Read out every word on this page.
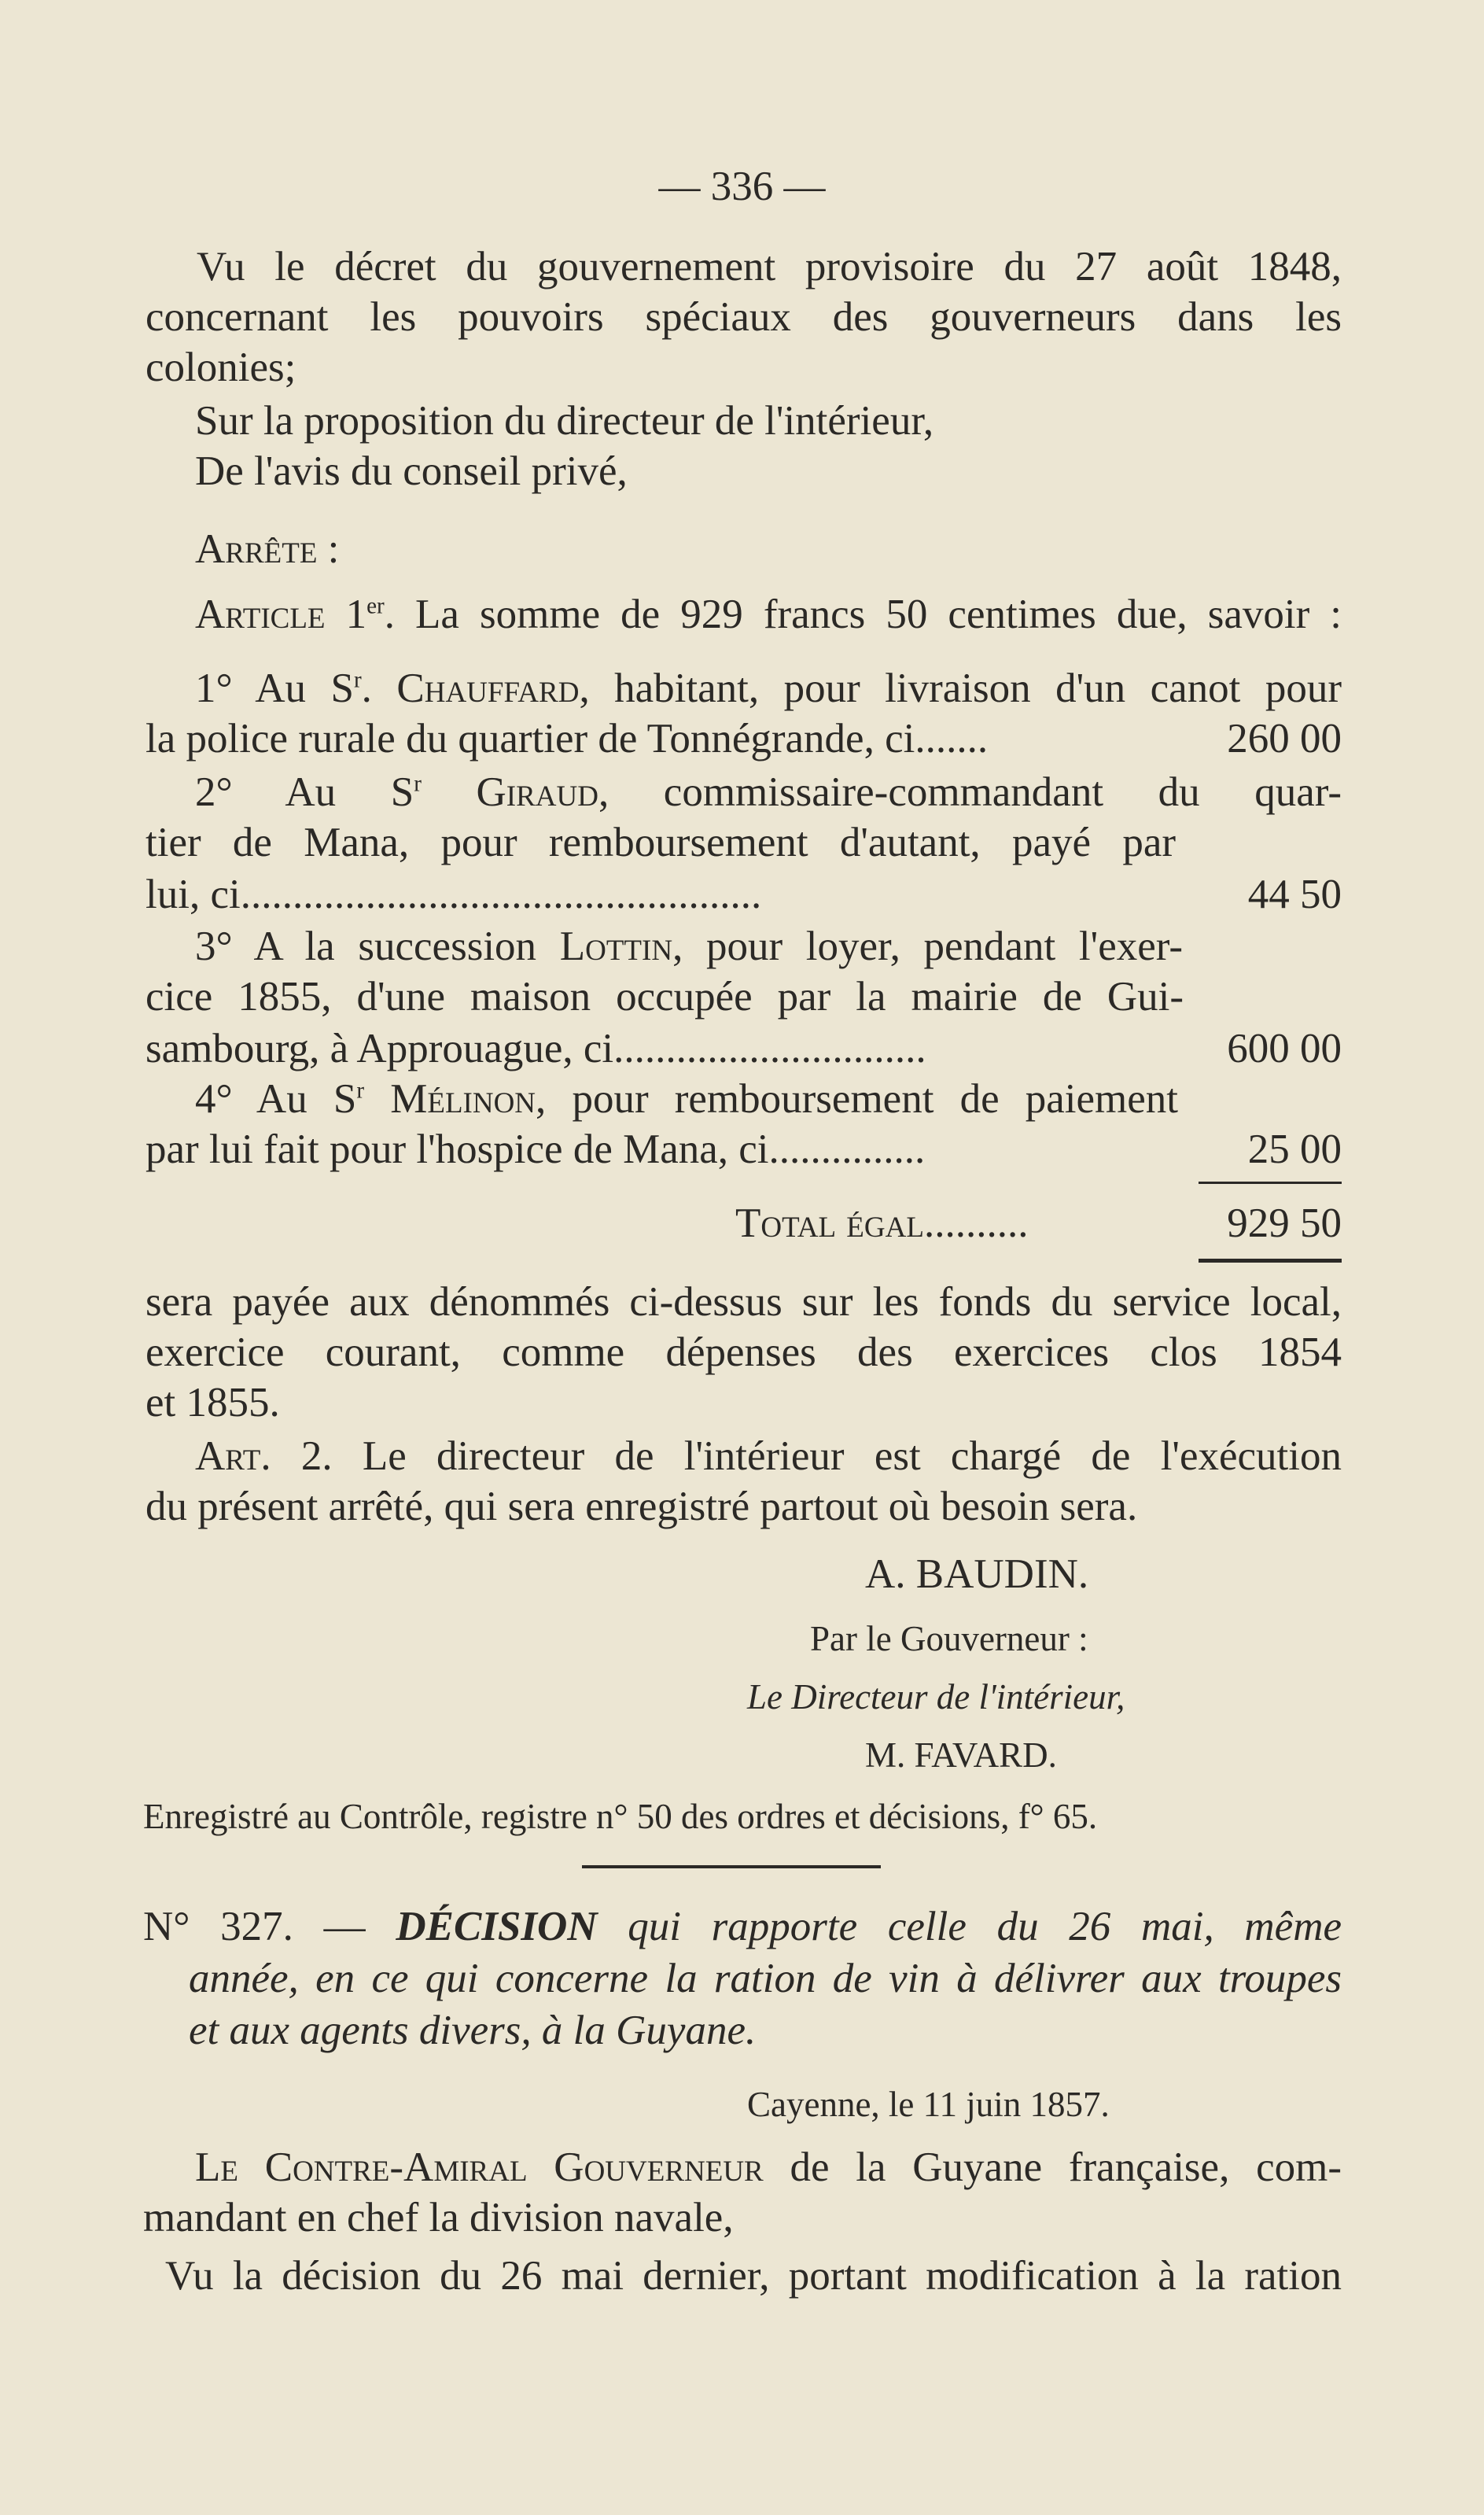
— 336 —
Vu le décret du gouvernement provisoire du 27 août 1848,
concernant les pouvoirs spéciaux des gouverneurs dans les
colonies;
Sur la proposition du directeur de l'intérieur,
De l'avis du conseil privé,
Arrête :
Article 1er. La somme de 929 francs 50 centimes due, savoir :
1° Au $S^r$. Chauffard, habitant, pour livraison d'un canot pour
la police rurale du quartier de Tonnégrande, ci.......	260 00
2° Au $S^r$ Giraud, commissaire-commandant du quar-
tier de Mana, pour remboursement d'autant, payé par
lui, ci..................................................	44 50
3° A la succession Lottin, pour loyer, pendant l'exer-
cice 1855, d'une maison occupée par la mairie de Gui-
sambourg, à Approuague, ci..............................	600 00
4° Au $S^r$ Mélinon, pour remboursement de paiement
par lui fait pour l'hospice de Mana, ci...............	25 00
Total égal..........	929 50
sera payée aux dénommés ci-dessus sur les fonds du service local,
exercice courant, comme dépenses des exercices clos 1854
et 1855.
Art. 2. Le directeur de l'intérieur est chargé de l'exécution
du présent arrêté, qui sera enregistré partout où besoin sera.
A. BAUDIN.
Par le Gouverneur :
Le Directeur de l'intérieur,
M. FAVARD.
Enregistré au Contrôle, registre n° 50 des ordres et décisions, f° 65.
N° 327. — DÉCISION qui rapporte celle du 26 mai, même
année, en ce qui concerne la ration de vin à délivrer aux troupes
et aux agents divers, à la Guyane.
Cayenne, le 11 juin 1857.
Le Contre-Amiral Gouverneur de la Guyane française, com-
mandant en chef la division navale,
Vu la décision du 26 mai dernier, portant modification à la ration
